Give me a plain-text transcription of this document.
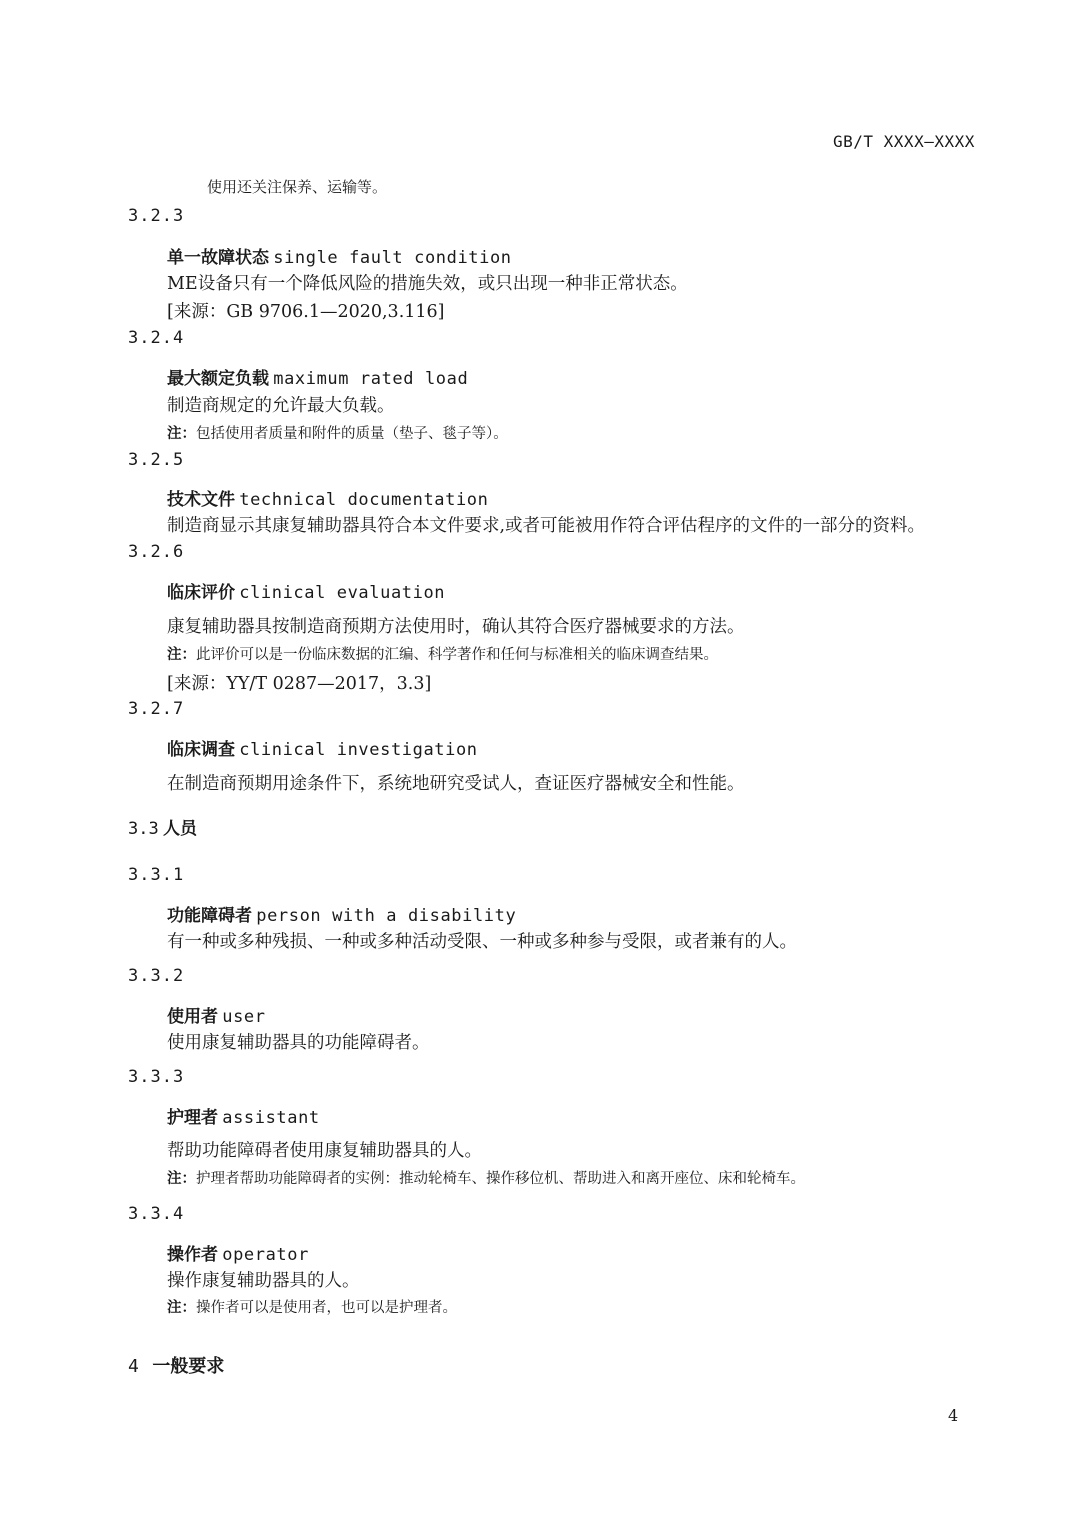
GB/T XXXX—XXXX
使用还关注保养、运输等。
3.2.3
单一故障状态 single fault condition
ME设备只有一个降低风险的措施失效，或只出现一种非正常状态。
[来源：GB 9706.1—2020,3.116]
3.2.4
最大额定负载 maximum rated load
制造商规定的允许最大负载。
注：包括使用者质量和附件的质量（垫子、毯子等）。
3.2.5
技术文件 technical documentation
制造商显示其康复辅助器具符合本文件要求,或者可能被用作符合评估程序的文件的一部分的资料。
3.2.6
临床评价 clinical evaluation
康复辅助器具按制造商预期方法使用时，确认其符合医疗器械要求的方法。
注：此评价可以是一份临床数据的汇编、科学著作和任何与标准相关的临床调查结果。
[来源：YY/T 0287—2017，3.3]
3.2.7
临床调查 clinical investigation
在制造商预期用途条件下，系统地研究受试人，查证医疗器械安全和性能。
3.3 人员
3.3.1
功能障碍者 person with a disability
有一种或多种残损、一种或多种活动受限、一种或多种参与受限，或者兼有的人。
3.3.2
使用者 user
使用康复辅助器具的功能障碍者。
3.3.3
护理者 assistant
帮助功能障碍者使用康复辅助器具的人。
注：护理者帮助功能障碍者的实例：推动轮椅车、操作移位机、帮助进入和离开座位、床和轮椅车。
3.3.4
操作者 operator
操作康复辅助器具的人。
注：操作者可以是使用者，也可以是护理者。
4 一般要求
4
